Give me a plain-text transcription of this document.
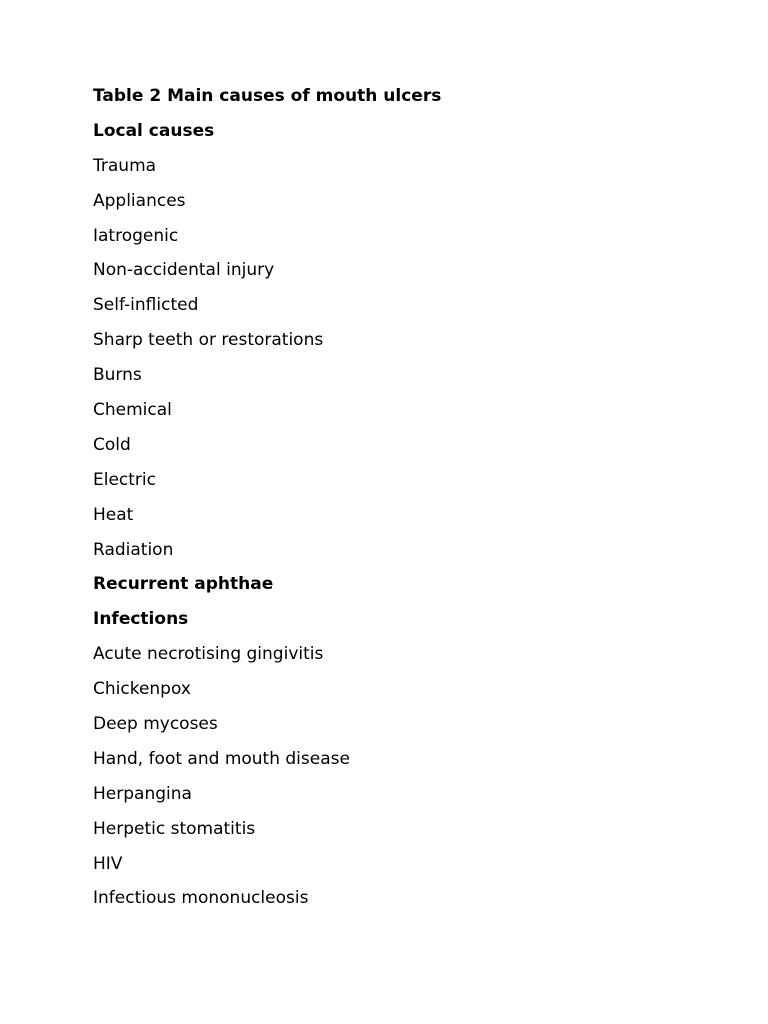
Table 2 Main causes of mouth ulcers
Local causes
Trauma
Appliances
Iatrogenic
Non-accidental injury
Self-inflicted
Sharp teeth or restorations
Burns
Chemical
Cold
Electric
Heat
Radiation
Recurrent aphthae
Infections
Acute necrotising gingivitis
Chickenpox
Deep mycoses
Hand, foot and mouth disease
Herpangina
Herpetic stomatitis
HIV
Infectious mononucleosis
